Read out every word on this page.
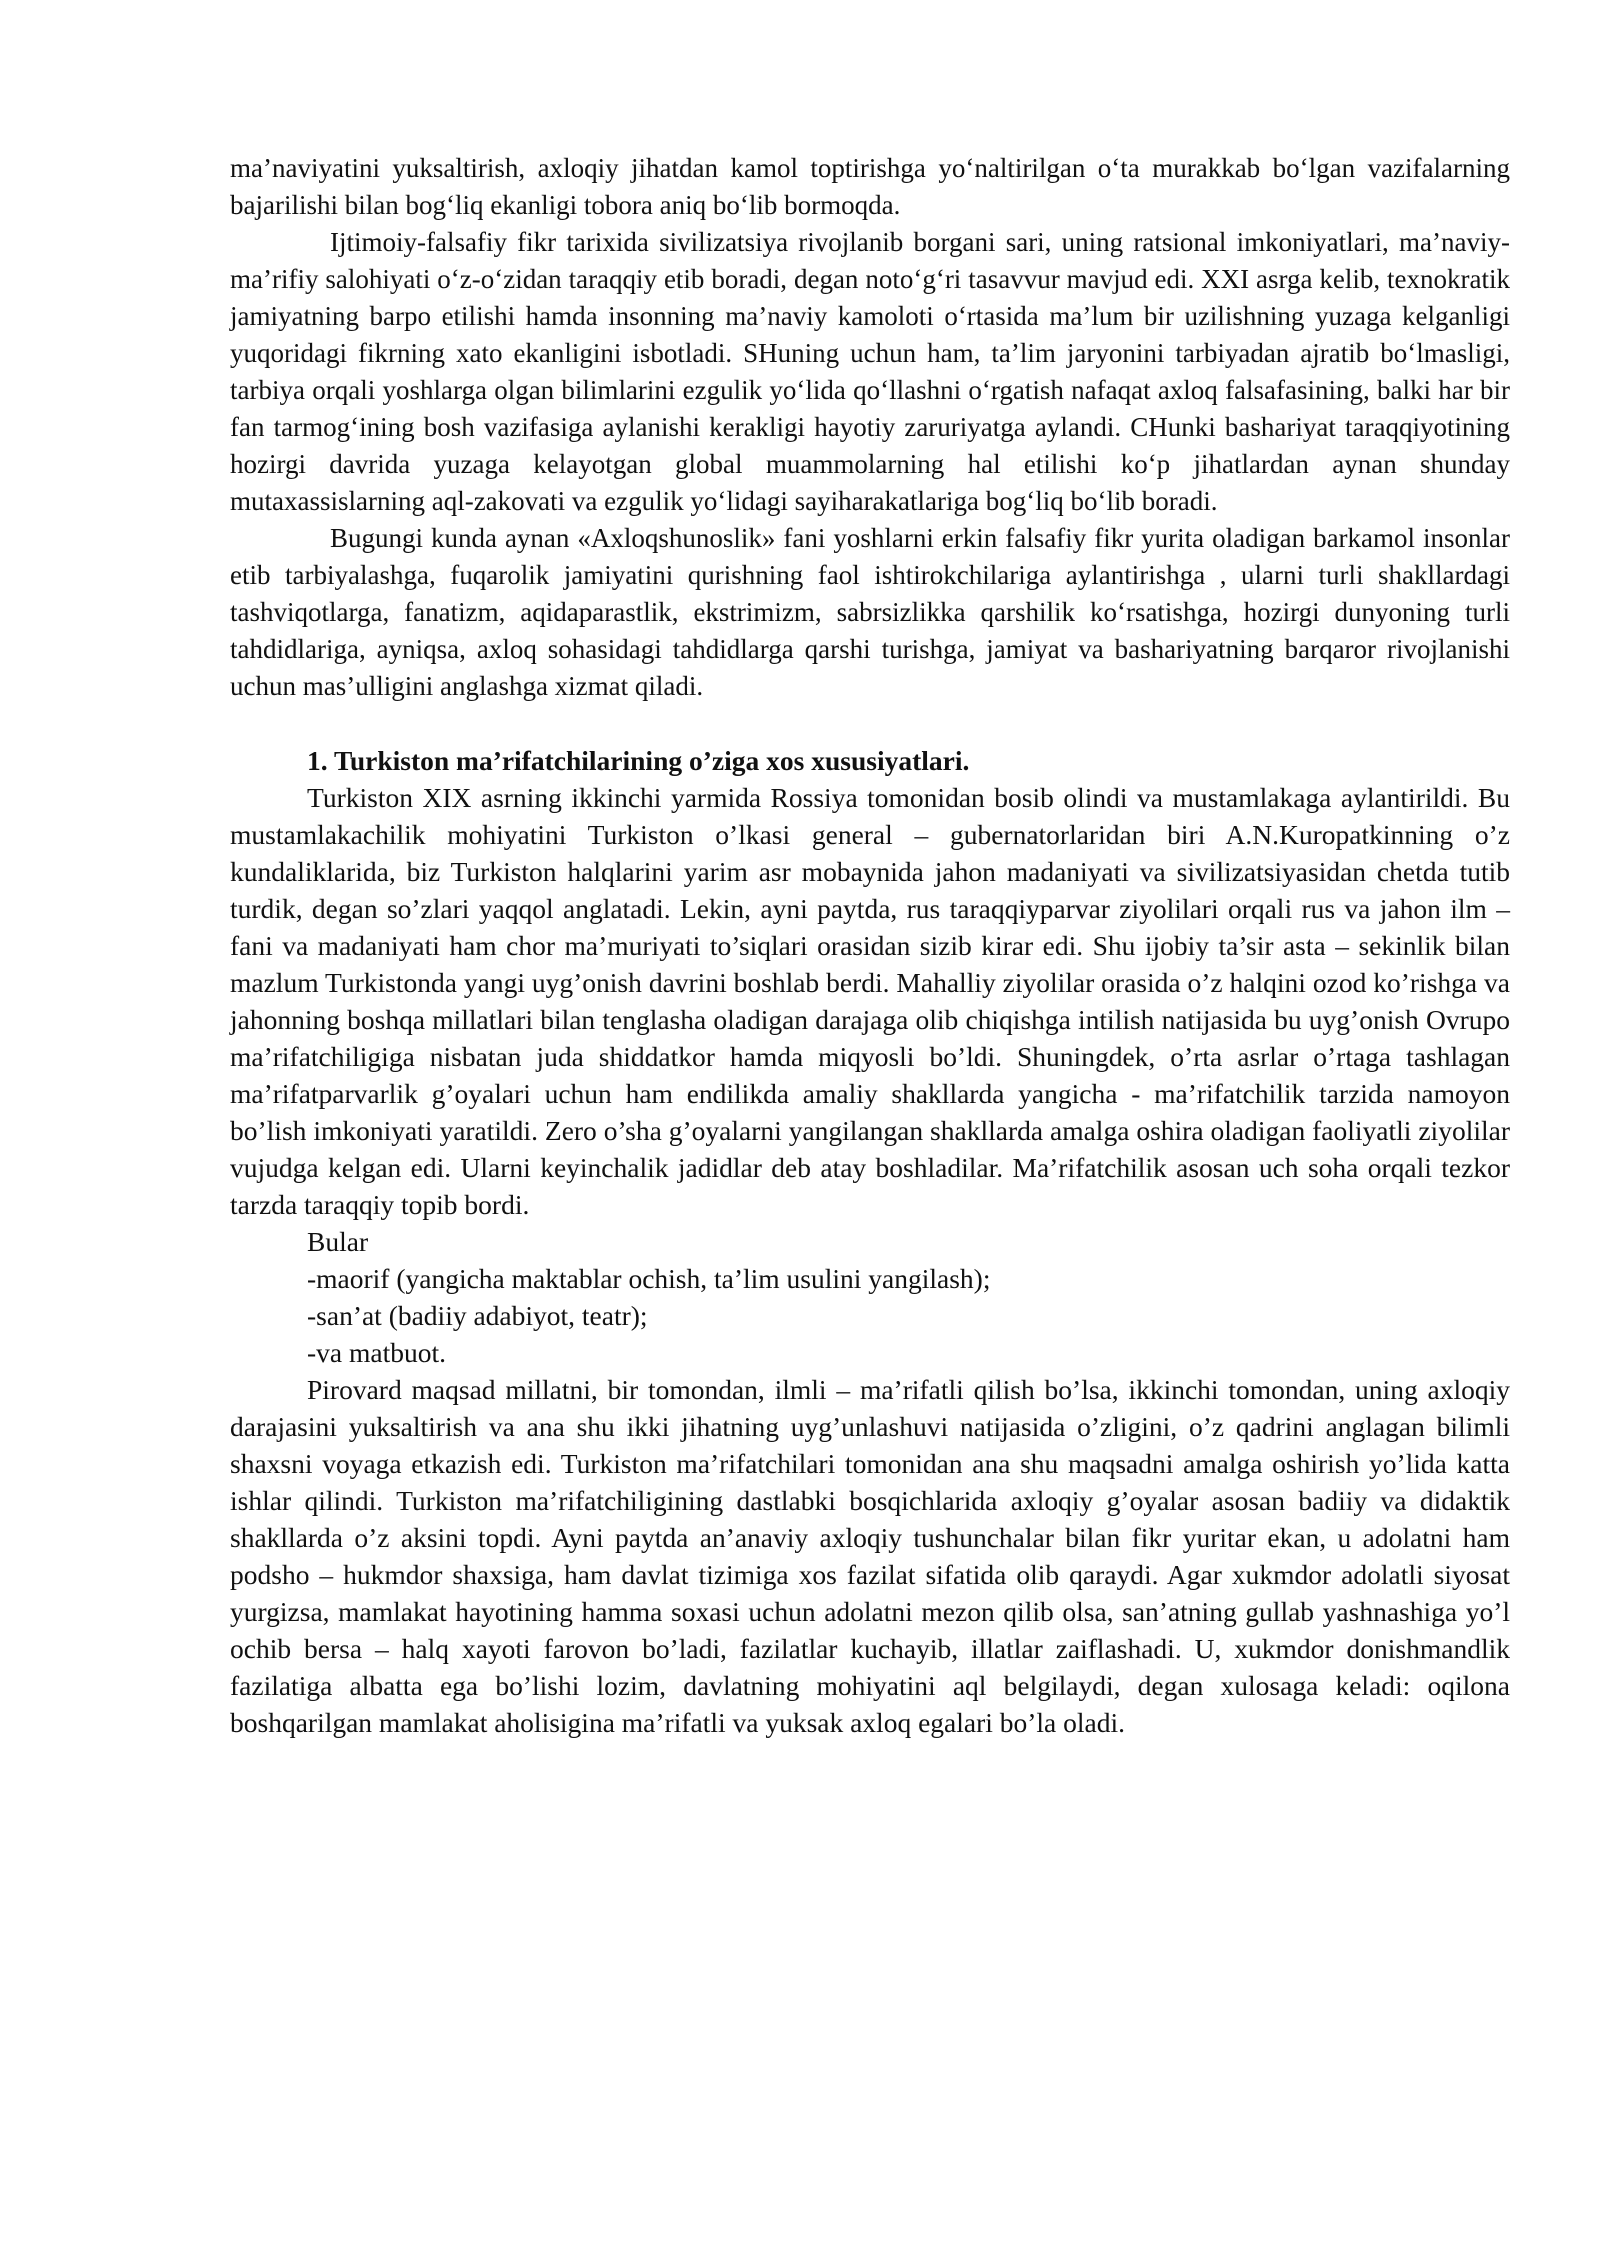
ma’naviyatini yuksaltirish, axloqiy jihatdan kamol toptirishga yo‘naltirilgan o‘ta murakkab bo‘lgan vazifalarning bajarilishi bilan bog‘liq ekanligi tobora aniq bo‘lib bormoqda.

Ijtimoiy-falsafiy fikr tarixida sivilizatsiya rivojlanib borgani sari, uning ratsional imkoniyatlari, ma’naviy-ma’rifiy salohiyati o‘z-o‘zidan taraqqiy etib boradi, degan noto‘g‘ri tasavvur mavjud edi. XXI asrga kelib, texnokratik jamiyatning barpo etilishi hamda insonning ma’naviy kamoloti o‘rtasida ma’lum bir uzilishning yuzaga kelganligi yuqoridagi fikrning xato ekanligini isbotladi. SHuning uchun ham, ta’lim jaryonini tarbiyadan ajratib bo‘lmasligi, tarbiya orqali yoshlarga olgan bilimlarini ezgulik yo‘lida qo‘llashni o‘rgatish nafaqat axloq falsafasining, balki har bir fan tarmog‘ining bosh vazifasiga aylanishi kerakligi hayotiy zaruriyatga aylandi. CHunki bashariyat taraqqiyotining hozirgi davrida yuzaga kelayotgan global muammolarning hal etilishi ko‘p jihatlardan aynan shunday mutaxassislarning aql-zakovati va ezgulik yo‘lidagi sayiharakatlariga bog‘liq bo‘lib boradi.

Bugungi kunda aynan «Axloqshunoslik» fani yoshlarni erkin falsafiy fikr yurita oladigan barkamol insonlar etib tarbiyalashga, fuqarolik jamiyatini qurishning faol ishtirokchilariga aylantirishga , ularni turli shakllardagi tashviqotlarga, fanatizm, aqidaparastlik, ekstrimizm, sabrsizlikka qarshilik ko‘rsatishga, hozirgi dunyoning turli tahdidlariga, ayniqsa, axloq sohasidagi tahdidlarga qarshi turishga, jamiyat va bashariyatning barqaror rivojlanishi uchun mas’ulligini anglashga xizmat qiladi.

1. Turkiston ma’rifatchilarining o’ziga xos xususiyatlari.

Turkiston XIX asrning ikkinchi yarmida Rossiya tomonidan bosib olindi va mustamlakaga aylantirildi. Bu mustamlakachilik mohiyatini Turkiston o’lkasi general – gubernatorlaridan biri A.N.Kuropatkinning o’z kundaliklarida, biz Turkiston halqlarini yarim asr mobaynida jahon madaniyati va sivilizatsiyasidan chetda tutib turdik, degan so’zlari yaqqol anglatadi. Lekin, ayni paytda, rus taraqqiyparvar ziyolilari orqali rus va jahon ilm – fani va madaniyati ham chor ma’muriyati to’siqlari orasidan sizib kirar edi. Shu ijobiy ta’sir asta – sekinlik bilan mazlum Turkistonda yangi uyg’onish davrini boshlab berdi. Mahalliy ziyolilar orasida o’z halqini ozod ko’rishga va jahonning boshqa millatlari bilan tenglasha oladigan darajaga olib chiqishga intilish natijasida bu uyg’onish Ovrupo ma’rifatchiligiga nisbatan juda shiddatkor hamda miqyosli bo’ldi. Shuningdek, o’rta asrlar o’rtaga tashlagan ma’rifatparvarlik g’oyalari uchun ham endilikda amaliy shakllarda yangicha - ma’rifatchilik tarzida namoyon bo’lish imkoniyati yaratildi. Zero o’sha g’oyalarni yangilangan shakllarda amalga oshira oladigan faoliyatli ziyolilar vujudga kelgan edi. Ularni keyinchalik jadidlar deb atay boshladilar. Ma’rifatchilik asosan uch soha orqali tezkor tarzda taraqqiy topib bordi.

Bular

-maorif (yangicha maktablar ochish, ta’lim usulini yangilash);

-san’at (badiiy adabiyot, teatr);

-va matbuot.

Pirovard maqsad millatni, bir tomondan, ilmli – ma’rifatli qilish bo’lsa, ikkinchi tomondan, uning axloqiy darajasini yuksaltirish va ana shu ikki jihatning uyg’unlashuvi natijasida o’zligini, o’z qadrini anglagan bilimli shaxsni voyaga etkazish edi. Turkiston ma’rifatchilari tomonidan ana shu maqsadni amalga oshirish yo’lida katta ishlar qilindi. Turkiston ma’rifatchiligining dastlabki bosqichlarida axloqiy g’oyalar asosan badiiy va didaktik shakllarda o’z aksini topdi. Ayni paytda an’anaviy axloqiy tushunchalar bilan fikr yuritar ekan, u adolatni ham podsho – hukmdor shaxsiga, ham davlat tizimiga xos fazilat sifatida olib qaraydi. Agar xukmdor adolatli siyosat yurgizsa, mamlakat hayotining hamma soxasi uchun adolatni mezon qilib olsa, san’atning gullab yashnashiga yo’l ochib bersa – halq xayoti farovon bo’ladi, fazilatlar kuchayib, illatlar zaiflashadi. U, xukmdor donishmandlik fazilatiga albatta ega bo’lishi lozim, davlatning mohiyatini aql belgilaydi, degan xulosaga keladi: oqilona boshqarilgan mamlakat aholisigina ma’rifatli va yuksak axloq egalari bo’la oladi.
